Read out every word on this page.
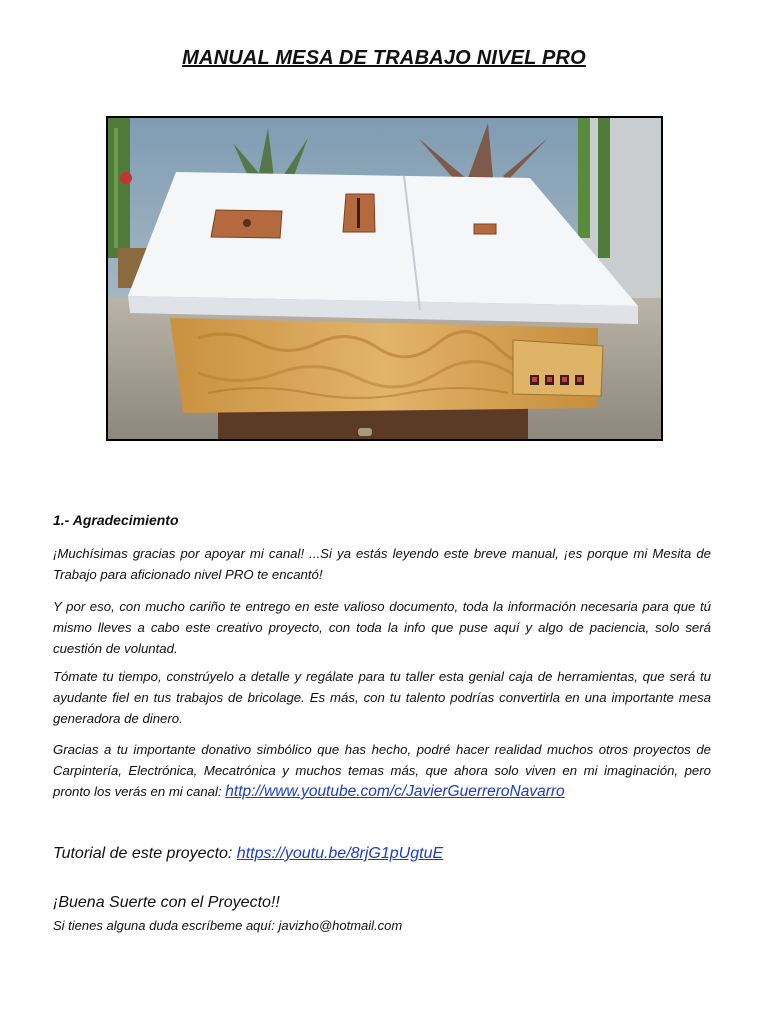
MANUAL MESA DE TRABAJO NIVEL PRO
1.- Agradecimiento

¡Muchísimas gracias por apoyar mi canal! ...Si ya estás leyendo este breve manual, ¡es porque mi Mesita de Trabajo para aficionado nivel PRO te encantó!

Y por eso, con mucho cariño te entrego en este valioso documento, toda la información necesaria para que tú mismo lleves a cabo este creativo proyecto, con toda la info que puse aquí y algo de paciencia, solo será cuestión de voluntad.

Tómate tu tiempo, constrúyelo a detalle y regálate para tu taller esta genial caja de herramientas, que será tu ayudante fiel en tus trabajos de bricolage. Es más, con tu talento podrías convertirla en una importante mesa generadora de dinero.

Gracias a tu importante donativo simbólico que has hecho, podré hacer realidad muchos otros proyectos de Carpintería, Electrónica, Mecatrónica y muchos temas más, que ahora solo viven en mi imaginación, pero pronto los verás en mi canal: http://www.youtube.com/c/JavierGuerreroNavarro

Tutorial de este proyecto: https://youtu.be/8rjG1pUgtuE
¡Buena Suerte con el Proyecto!!
Si tienes alguna duda escríbeme aquí: javizho@hotmail.com
